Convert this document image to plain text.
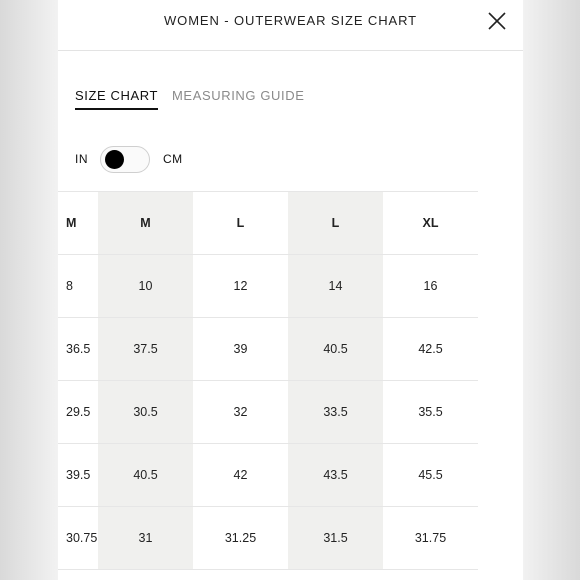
WOMEN - OUTERWEAR SIZE CHART
SIZE CHART MEASURING GUIDE
IN	CM
M	M	L	L	XL
8	10	12	14	16
36.5	37.5	39	40.5	42.5
29.5	30.5	32	33.5	35.5
39.5	40.5	42	43.5	45.5
30.75	31	31.25	31.5	31.75
